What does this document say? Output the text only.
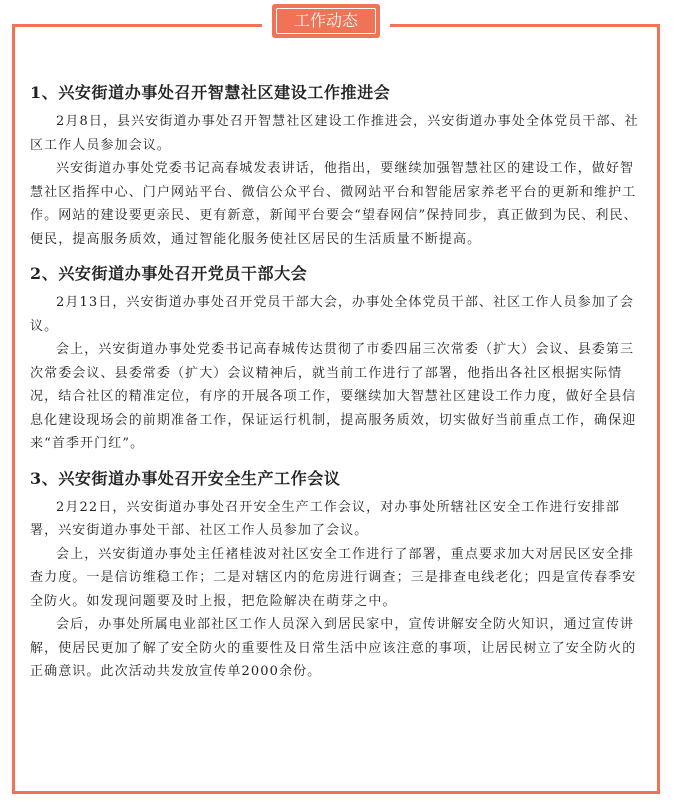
工作动态
1、兴安街道办事处召开智慧社区建设工作推进会

2月8日，县兴安街道办事处召开智慧社区建设工作推进会，兴安街道办事处全体党员干部、社区工作人员参加会议。

兴安街道办事处党委书记高春城发表讲话，他指出，要继续加强智慧社区的建设工作，做好智慧社区指挥中心、门户网站平台、微信公众平台、微网站平台和智能居家养老平台的更新和维护工作。网站的建设要更亲民、更有新意，新闻平台要会“望春网信”保持同步，真正做到为民、利民、便民，提高服务质效，通过智能化服务使社区居民的生活质量不断提高。

2、兴安街道办事处召开党员干部大会

2月13日，兴安街道办事处召开党员干部大会，办事处全体党员干部、社区工作人员参加了会议。

会上，兴安街道办事处党委书记高春城传达贯彻了市委四届三次常委（扩大）会议、县委第三次常委会议、县委常委（扩大）会议精神后，就当前工作进行了部署，他指出各社区根据实际情况，结合社区的精准定位，有序的开展各项工作，要继续加大智慧社区建设工作力度，做好全县信息化建设现场会的前期准备工作，保证运行机制，提高服务质效，切实做好当前重点工作，确保迎来“首季开门红”。

3、兴安街道办事处召开安全生产工作会议

2月22日，兴安街道办事处召开安全生产工作会议，对办事处所辖社区安全工作进行安排部署，兴安街道办事处干部、社区工作人员参加了会议。

会上，兴安街道办事处主任褚桂波对社区安全工作进行了部署，重点要求加大对居民区安全排查力度。一是信访维稳工作；二是对辖区内的危房进行调查；三是排查电线老化；四是宣传春季安全防火。如发现问题要及时上报，把危险解决在萌芽之中。

会后，办事处所属电业部社区工作人员深入到居民家中，宣传讲解安全防火知识，通过宣传讲解，使居民更加了解了安全防火的重要性及日常生活中应该注意的事项，让居民树立了安全防火的正确意识。此次活动共发放宣传单2000余份。
